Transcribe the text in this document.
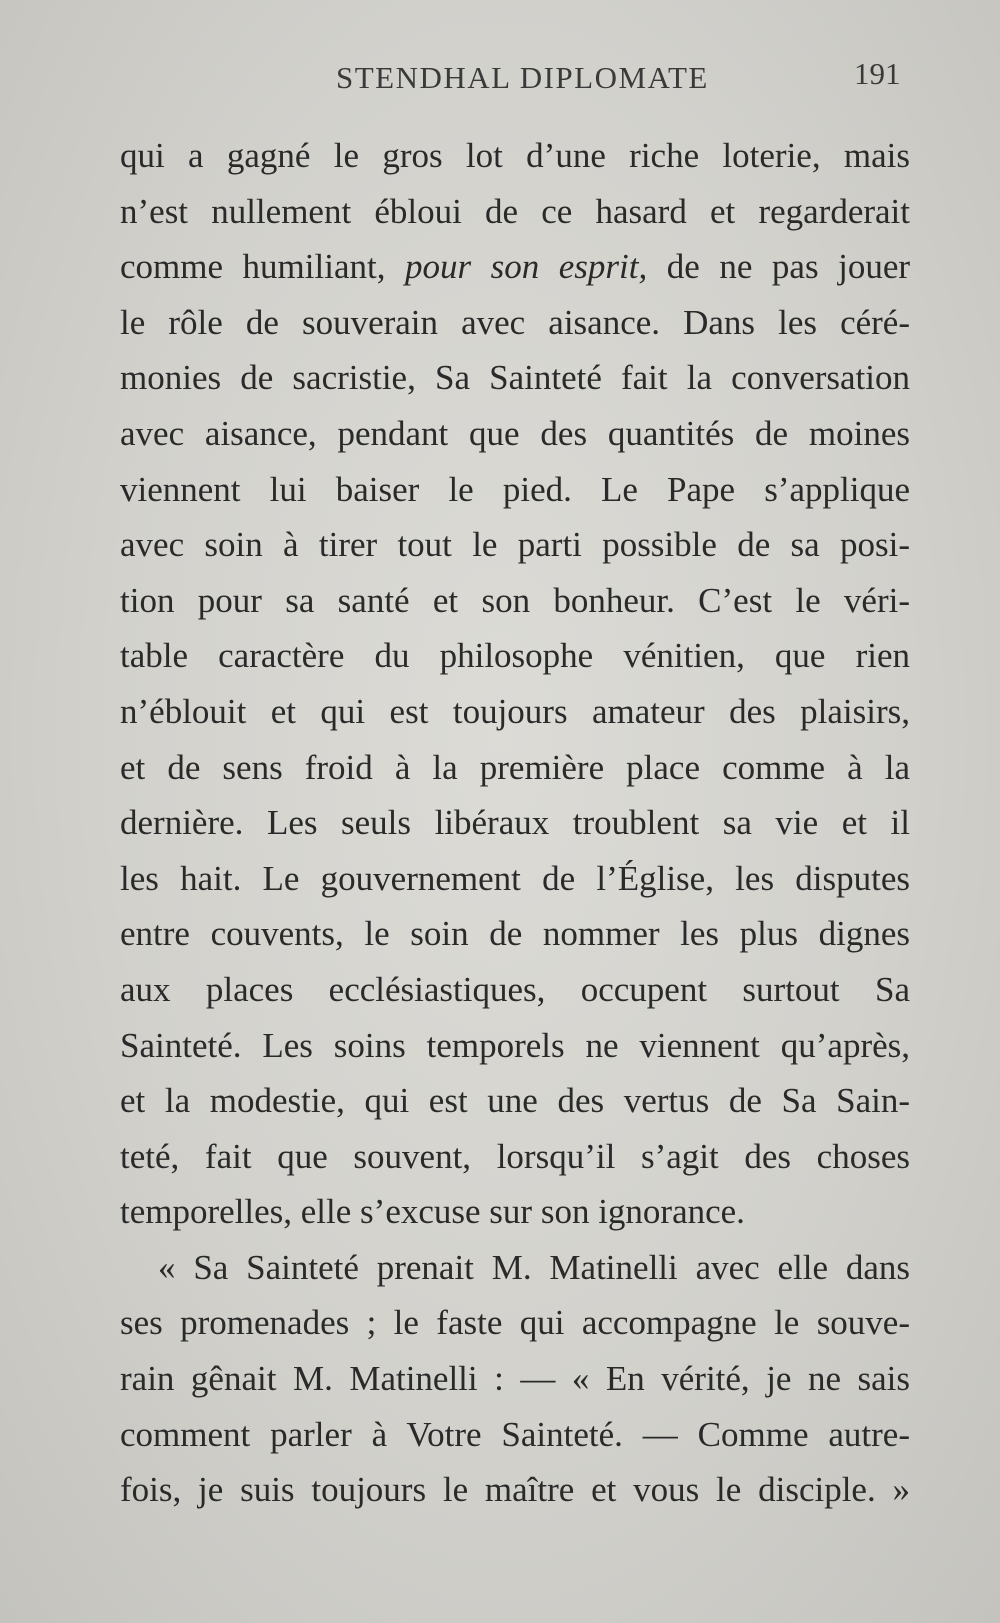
STENDHAL DIPLOMATE	191
qui a gagné le gros lot d’une riche loterie, mais
n’est nullement ébloui de ce hasard et regarderait
comme humiliant, pour son esprit, de ne pas jouer
le rôle de souverain avec aisance. Dans les céré-
monies de sacristie, Sa Sainteté fait la conversation
avec aisance, pendant que des quantités de moines
viennent lui baiser le pied. Le Pape s’applique
avec soin à tirer tout le parti possible de sa posi-
tion pour sa santé et son bonheur. C’est le véri-
table caractère du philosophe vénitien, que rien
n’éblouit et qui est toujours amateur des plaisirs,
et de sens froid à la première place comme à la
dernière. Les seuls libéraux troublent sa vie et il
les hait. Le gouvernement de l’Église, les disputes
entre couvents, le soin de nommer les plus dignes
aux places ecclésiastiques, occupent surtout Sa
Sainteté. Les soins temporels ne viennent qu’après,
et la modestie, qui est une des vertus de Sa Sain-
teté, fait que souvent, lorsqu’il s’agit des choses
temporelles, elle s’excuse sur son ignorance.
« Sa Sainteté prenait M. Matinelli avec elle dans
ses promenades ; le faste qui accompagne le souve-
rain gênait M. Matinelli : — « En vérité, je ne sais
comment parler à Votre Sainteté. — Comme autre-
fois, je suis toujours le maître et vous le disciple. »
